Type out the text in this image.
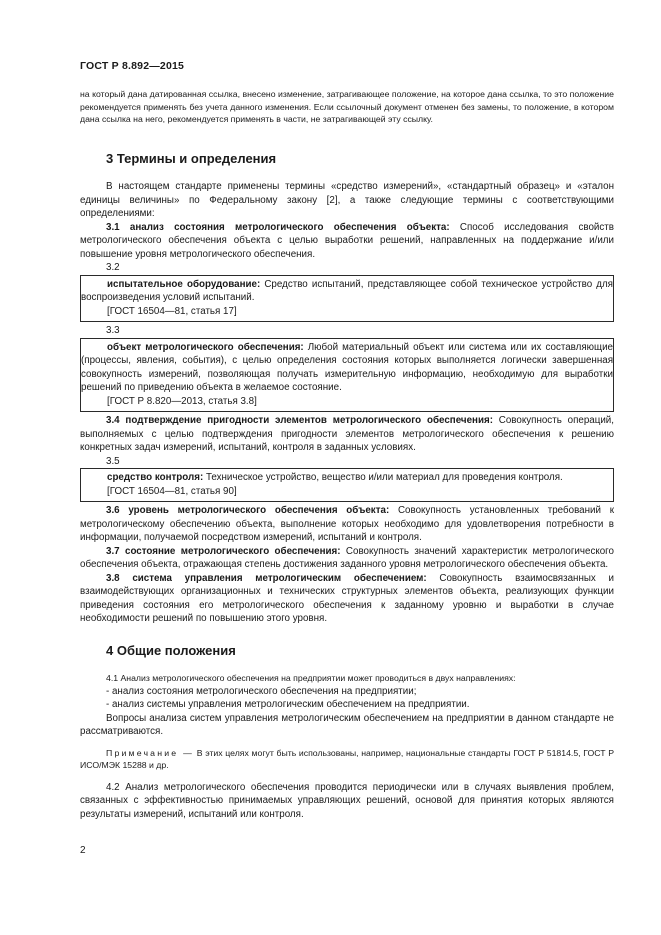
ГОСТ Р 8.892—2015

на который дана датированная ссылка, внесено изменение, затрагивающее положение, на которое дана ссылка, то это положение рекомендуется применять без учета данного изменения. Если ссылочный документ отменен без замены, то положение, в котором дана ссылка на него, рекомендуется применять в части, не затрагивающей эту ссылку.

3 Термины и определения

В настоящем стандарте применены термины «средство измерений», «стандартный образец» и «эталон единицы величины» по Федеральному закону [2], а также следующие термины с соответствующими определениями:

3.1 анализ состояния метрологического обеспечения объекта: Способ исследования свойств метрологического обеспечения объекта с целью выработки решений, направленных на поддержание и/или повышение уровня метрологического обеспечения.

3.2

испытательное оборудование: Средство испытаний, представляющее собой техническое устройство для воспроизведения условий испытаний.

[ГОСТ 16504—81, статья 17]

3.3

объект метрологического обеспечения: Любой материальный объект или система или их составляющие (процессы, явления, события), с целью определения состояния которых выполняется логически завершенная совокупность измерений, позволяющая получать измерительную информацию, необходимую для выработки решений по приведению объекта в желаемое состояние.

[ГОСТ Р 8.820—2013, статья 3.8]

3.4 подтверждение пригодности элементов метрологического обеспечения: Совокупность операций, выполняемых с целью подтверждения пригодности элементов метрологического обеспечения к решению конкретных задач измерений, испытаний, контроля в заданных условиях.

3.5

средство контроля: Техническое устройство, вещество и/или материал для проведения контроля.

[ГОСТ 16504—81, статья 90]

3.6 уровень метрологического обеспечения объекта: Совокупность установленных требований к метрологическому обеспечению объекта, выполнение которых необходимо для удовлетворения потребности в информации, получаемой посредством измерений, испытаний и контроля.

3.7 состояние метрологического обеспечения: Совокупность значений характеристик метрологического обеспечения объекта, отражающая степень достижения заданного уровня метрологического обеспечения объекта.

3.8 система управления метрологическим обеспечением: Совокупность взаимосвязанных и взаимодействующих организационных и технических структурных элементов объекта, реализующих функции приведения состояния его метрологического обеспечения к заданному уровню и выработки в случае необходимости решений по повышению этого уровня.

4 Общие положения

4.1 Анализ метрологического обеспечения на предприятии может проводиться в двух направлениях:

- анализ состояния метрологического обеспечения на предприятии;

- анализ системы управления метрологическим обеспечением на предприятии.

Вопросы анализа систем управления метрологическим обеспечением на предприятии в данном стандарте не рассматриваются.

Примечание — В этих целях могут быть использованы, например, национальные стандарты ГОСТ Р 51814.5, ГОСТ Р ИСО/МЭК 15288 и др.

4.2 Анализ метрологического обеспечения проводится периодически или в случаях выявления проблем, связанных с эффективностью принимаемых управляющих решений, основой для принятия которых являются результаты измерений, испытаний или контроля.

2
